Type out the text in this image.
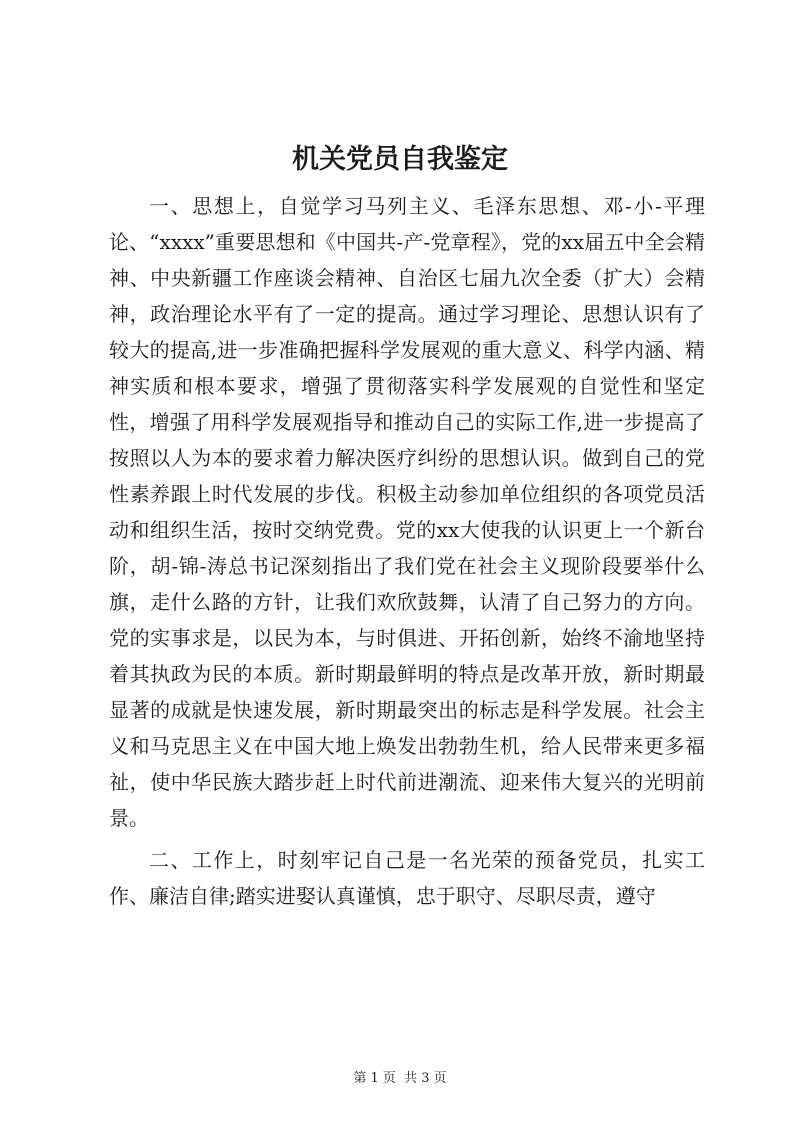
机关党员自我鉴定

一、思想上，自觉学习马列主义、毛泽东思想、邓-小-平理论、“xxxx”重要思想和《中国共-产-党章程》，党的xx届五中全会精神、中央新疆工作座谈会精神、自治区七届九次全委（扩大）会精神，政治理论水平有了一定的提高。通过学习理论、思想认识有了较大的提高,进一步准确把握科学发展观的重大意义、科学内涵、精神实质和根本要求，增强了贯彻落实科学发展观的自觉性和坚定性，增强了用科学发展观指导和推动自己的实际工作,进一步提高了按照以人为本的要求着力解决医疗纠纷的思想认识。做到自己的党性素养跟上时代发展的步伐。积极主动参加单位组织的各项党员活动和组织生活，按时交纳党费。党的xx大使我的认识更上一个新台阶，胡-锦-涛总书记深刻指出了我们党在社会主义现阶段要举什么旗，走什么路的方针，让我们欢欣鼓舞，认清了自己努力的方向。党的实事求是，以民为本，与时俱进、开拓创新，始终不渝地坚持着其执政为民的本质。新时期最鲜明的特点是改革开放，新时期最显著的成就是快速发展，新时期最突出的标志是科学发展。社会主义和马克思主义在中国大地上焕发出勃勃生机，给人民带来更多福祉，使中华民族大踏步赶上时代前进潮流、迎来伟大复兴的光明前景。

二、工作上，时刻牢记自己是一名光荣的预备党员，扎实工作、廉洁自律;踏实进娶认真谨慎，忠于职守、尽职尽责，遵守

第 1 页  共 3 页
